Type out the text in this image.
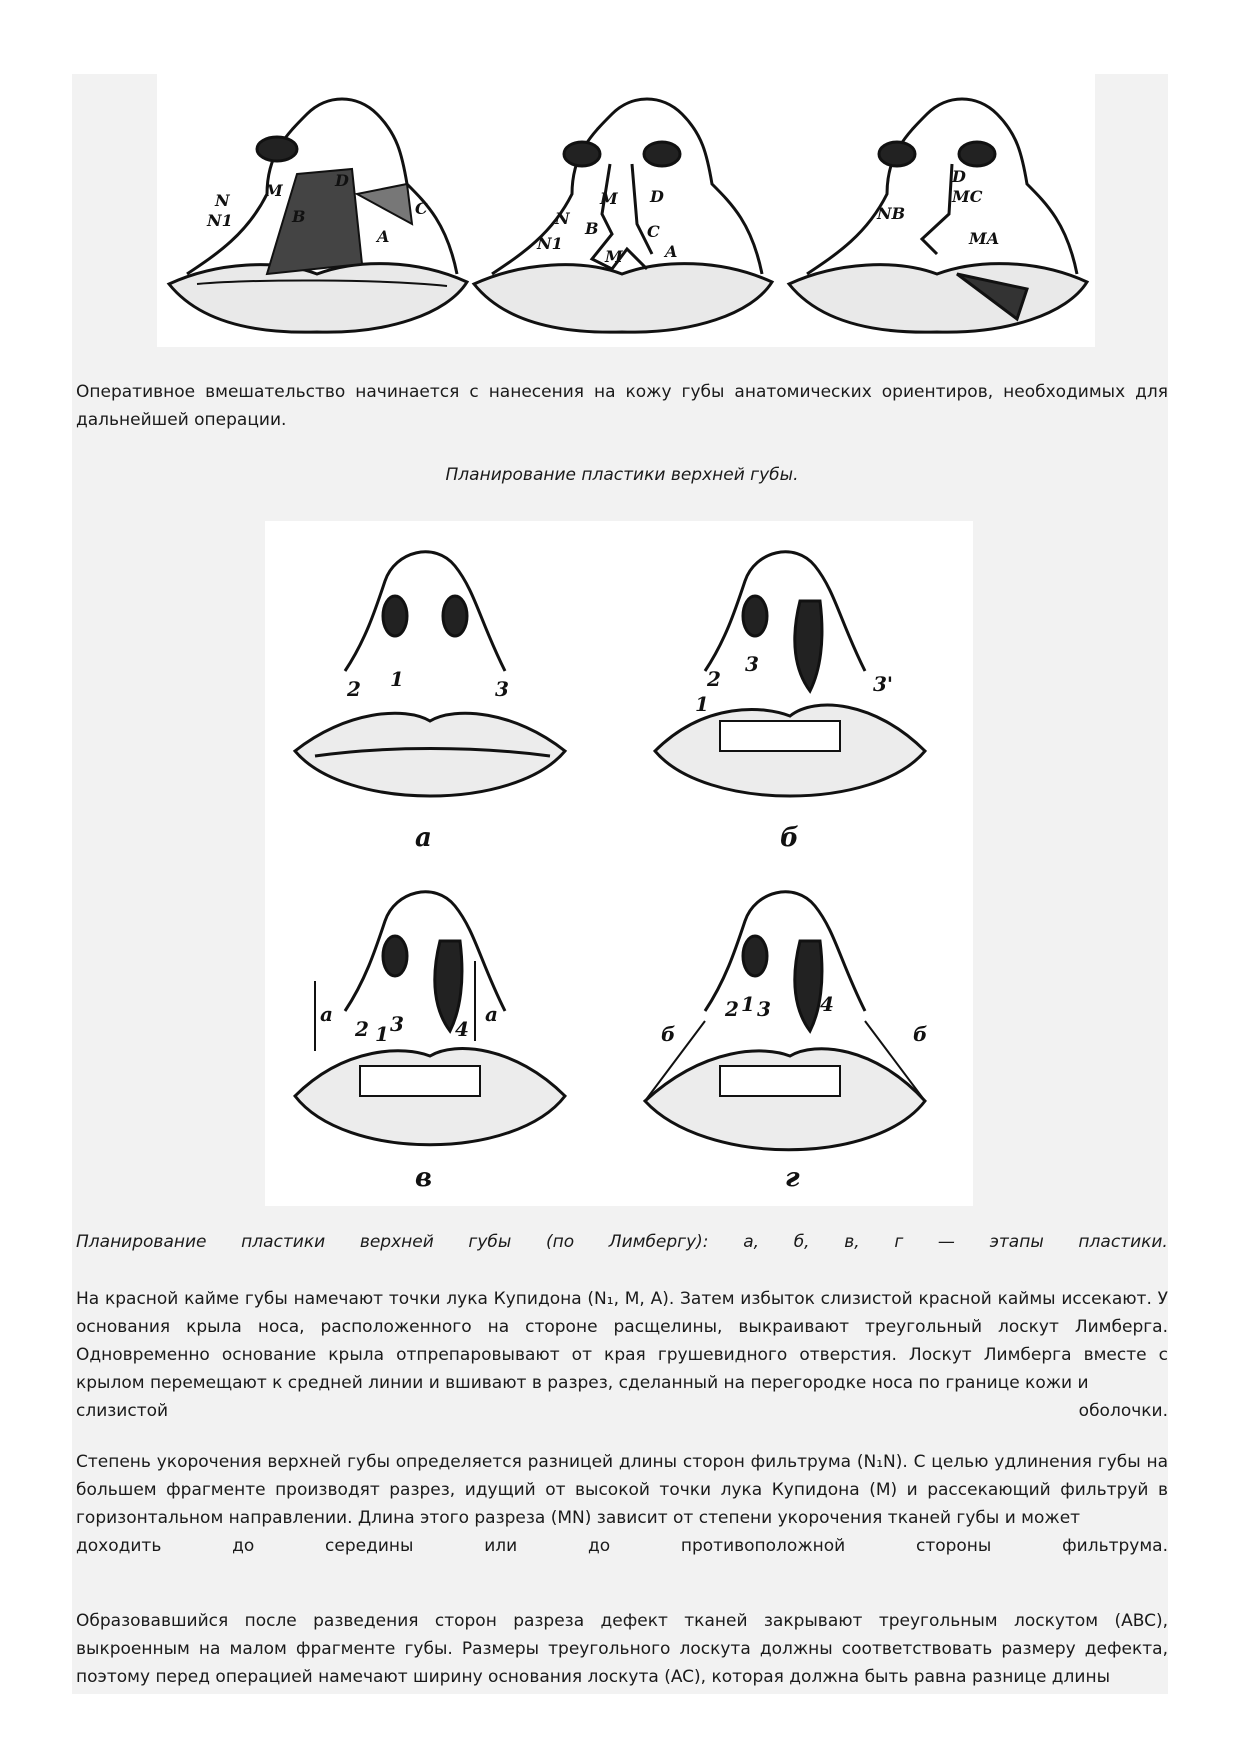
N
M
D
N1	B	C
A
M D
N
C
N1
B
M	A
D
NB
MC
MA
Оперативное вмешательство начинается с нанесения на кожу губы анатомических ориентиров, необходимых для дальнейшей операции.
Планирование пластики верхней губы.
2 1	3
а
2
3
1
3'
б
а
2 1 3	4
а
в
б
2 1 3 4
б
г
Планирование пластики верхней губы (по Лимбергу): а, б, в, г — этапы пластики.
На красной кайме губы намечают точки лука Купидона (N₁, M, A). Затем избыток слизистой красной каймы иссекают. У основания крыла носа, расположенного на стороне расщелины, выкраивают треугольный лоскут Лимберга. Одновременно основание крыла отпрепаровывают от края грушевидного отверстия. Лоскут Лимберга вместе с крылом перемещают к средней линии и вшивают в разрез, сделанный на перегородке носа по границе кожи и
слизистой	оболочки.
Степень укорочения верхней губы определяется разницей длины сторон фильтрума (N₁N). С целью удлинения губы на большем фрагменте производят разрез, идущий от высокой точки лука Купидона (M) и рассекающий фильтруй в горизонтальном направлении. Длина этого разреза (MN) зависит от степени укорочения тканей губы и может
доходить	до	середины	или	до	противоположной	стороны	фильтрума.
Образовавшийся после разведения сторон разреза дефект тканей закрывают треугольным лоскутом (ABC), выкроенным на малом фрагменте губы. Размеры треугольного лоскута должны соответствовать размеру дефекта, поэтому перед операцией намечают ширину основания лоскута (AC), которая должна быть равна разнице длины
